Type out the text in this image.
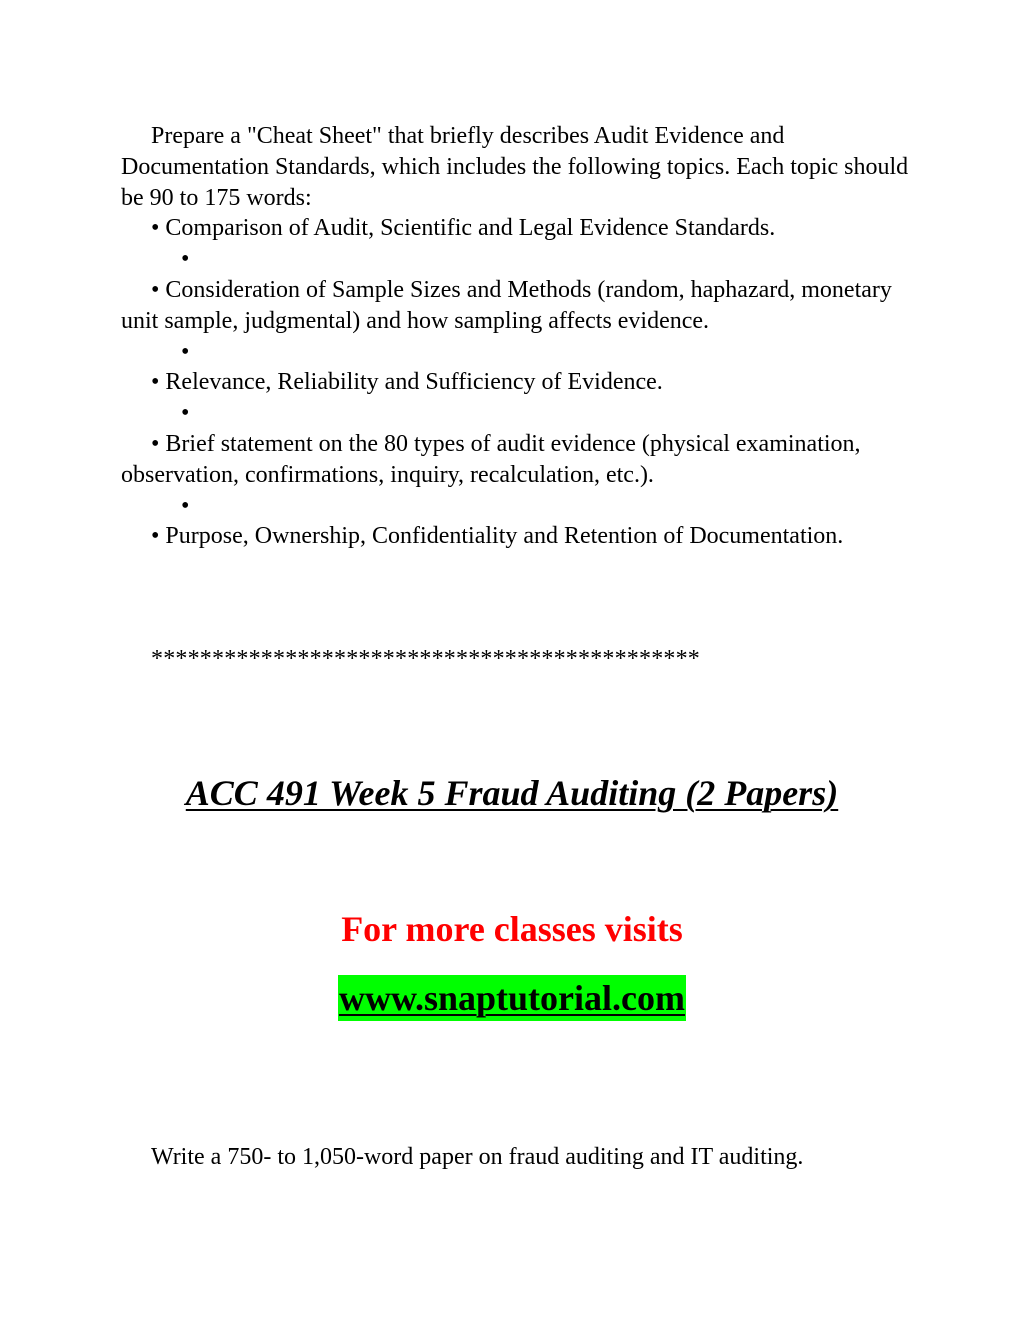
Prepare a "Cheat Sheet" that briefly describes Audit Evidence and Documentation Standards, which includes the following topics. Each topic should be 90 to 175 words:
• Comparison of Audit, Scientific and Legal Evidence Standards.
•
• Consideration of Sample Sizes and Methods (random, haphazard, monetary unit sample, judgmental) and how sampling affects evidence.
•
• Relevance, Reliability and Sufficiency of Evidence.
•
• Brief statement on the 80 types of audit evidence (physical examination, observation, confirmations, inquiry, recalculation, etc.).
•
• Purpose, Ownership, Confidentiality and Retention of Documentation.
*********************************************
ACC 491 Week 5 Fraud Auditing (2 Papers)
For more classes visits
www.snaptutorial.com
Write a 750- to 1,050-word paper on fraud auditing and IT auditing.
